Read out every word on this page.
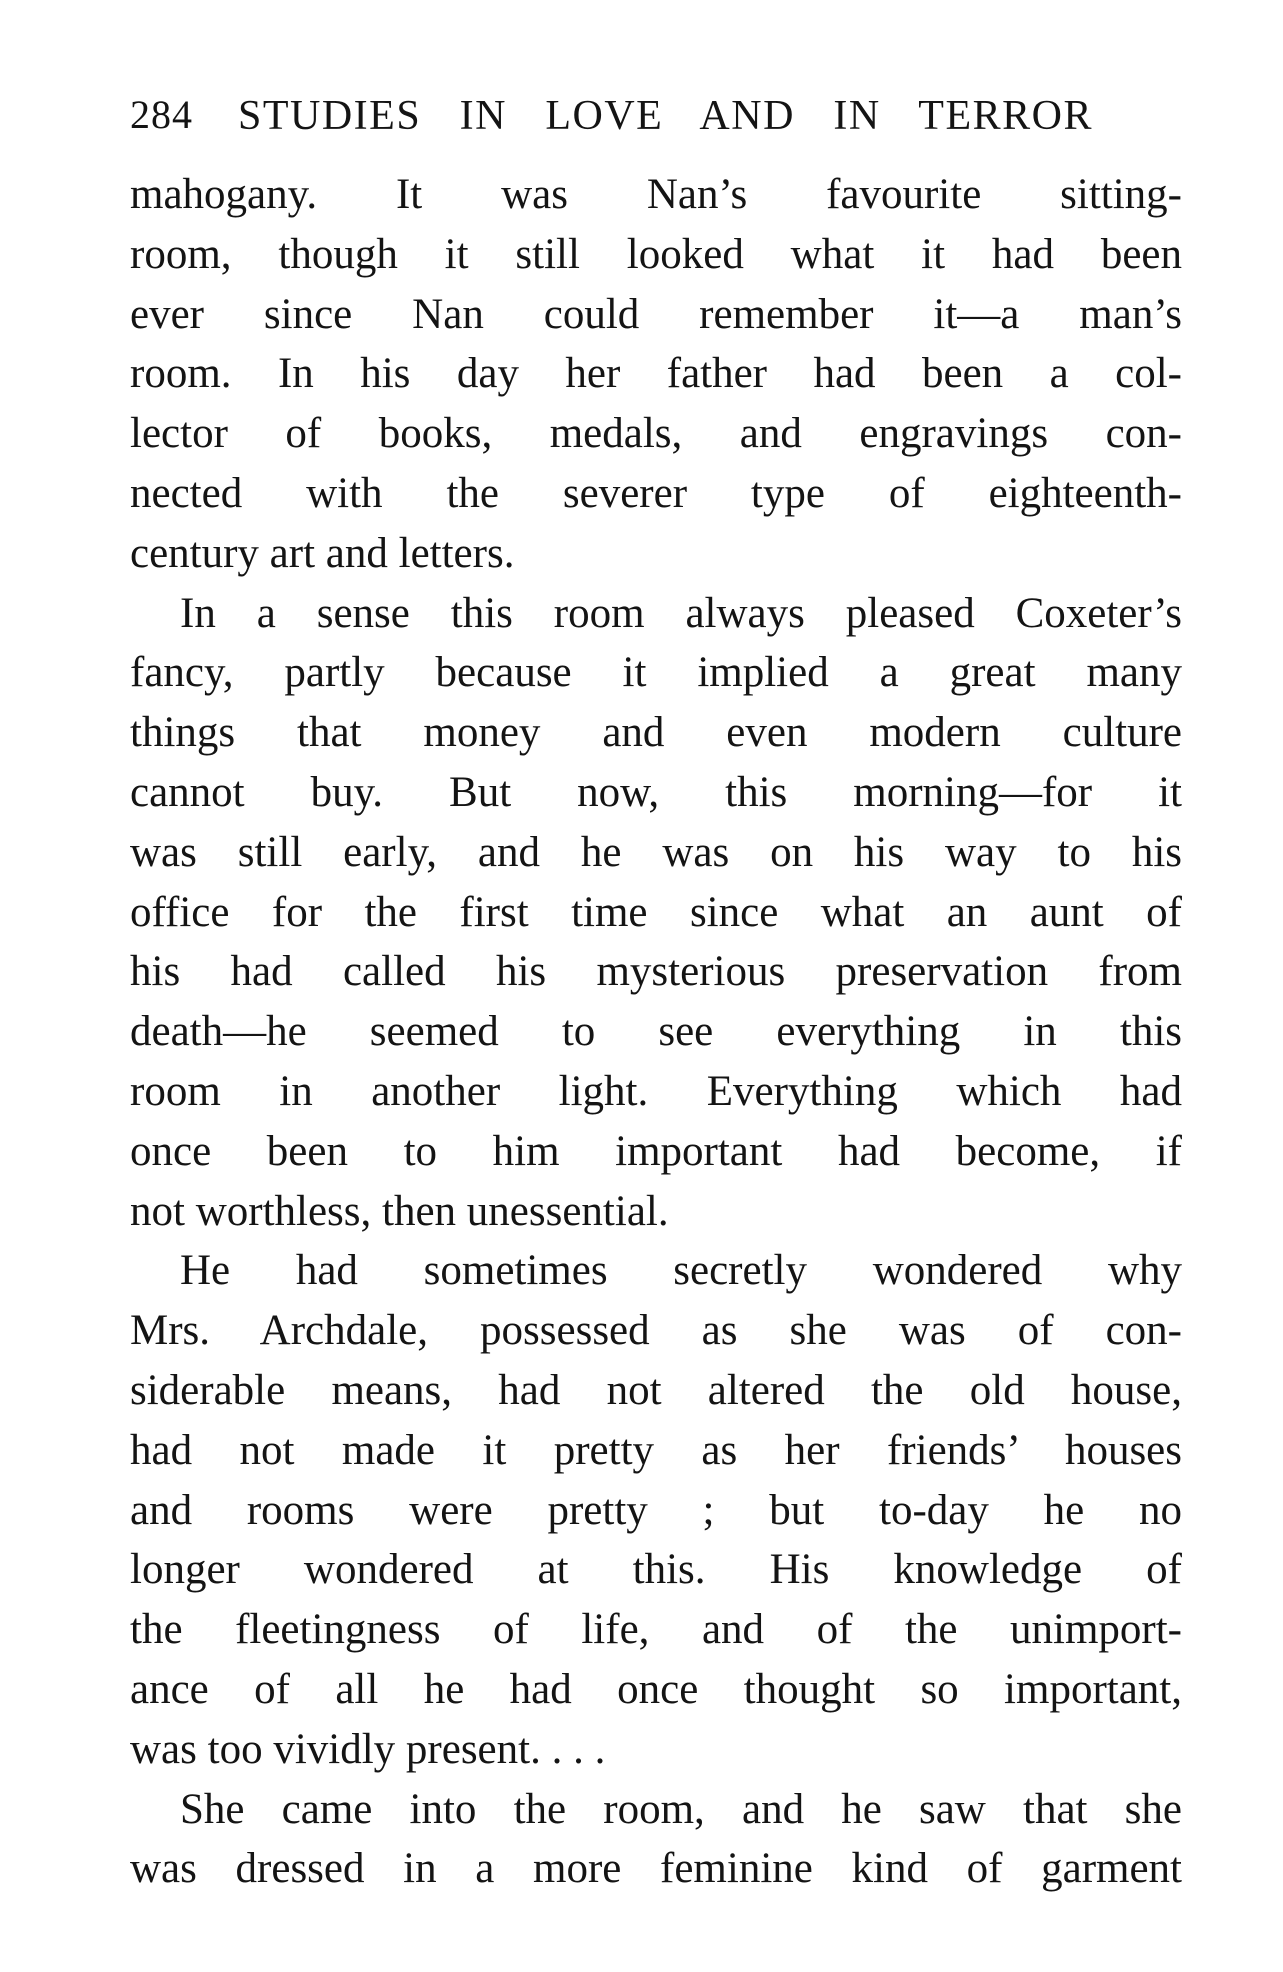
284 STUDIES IN LOVE AND IN TERROR
mahogany. It was Nan’s favourite sitting-
room, though it still looked what it had been
ever since Nan could remember it—a man’s
room. In his day her father had been a col-
lector of books, medals, and engravings con-
nected with the severer type of eighteenth-
century art and letters.
In a sense this room always pleased Coxeter’s
fancy, partly because it implied a great many
things that money and even modern culture
cannot buy. But now, this morning—for it
was still early, and he was on his way to his
office for the first time since what an aunt of
his had called his mysterious preservation from
death—he seemed to see everything in this
room in another light. Everything which had
once been to him important had become, if
not worthless, then unessential.
He had sometimes secretly wondered why
Mrs. Archdale, possessed as she was of con-
siderable means, had not altered the old house,
had not made it pretty as her friends’ houses
and rooms were pretty ; but to-day he no
longer wondered at this. His knowledge of
the fleetingness of life, and of the unimport-
ance of all he had once thought so important,
was too vividly present. . . .
She came into the room, and he saw that she
was dressed in a more feminine kind of garment
